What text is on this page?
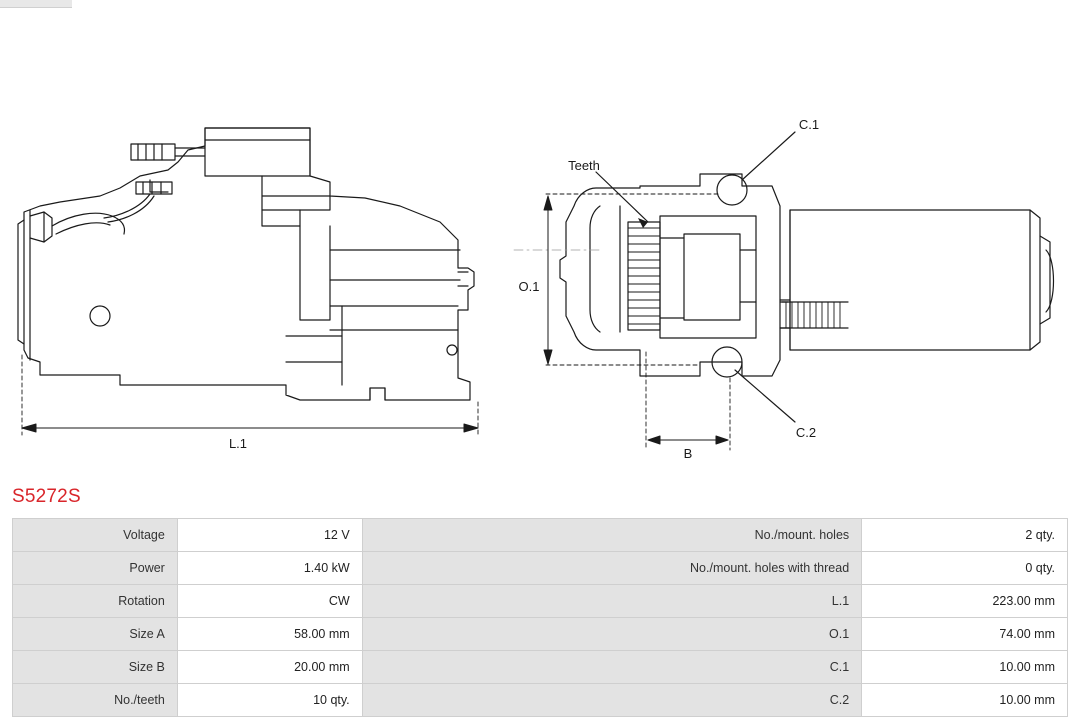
L.1
O.1
B
Teeth
C.1
C.2
S5272S
Voltage	12 V	No./mount. holes	2 qty.
Power	1.40 kW	No./mount. holes with thread	0 qty.
Rotation	CW	L.1	223.00 mm
Size A	58.00 mm	O.1	74.00 mm
Size B	20.00 mm	C.1	10.00 mm
No./teeth	10 qty.	C.2	10.00 mm
